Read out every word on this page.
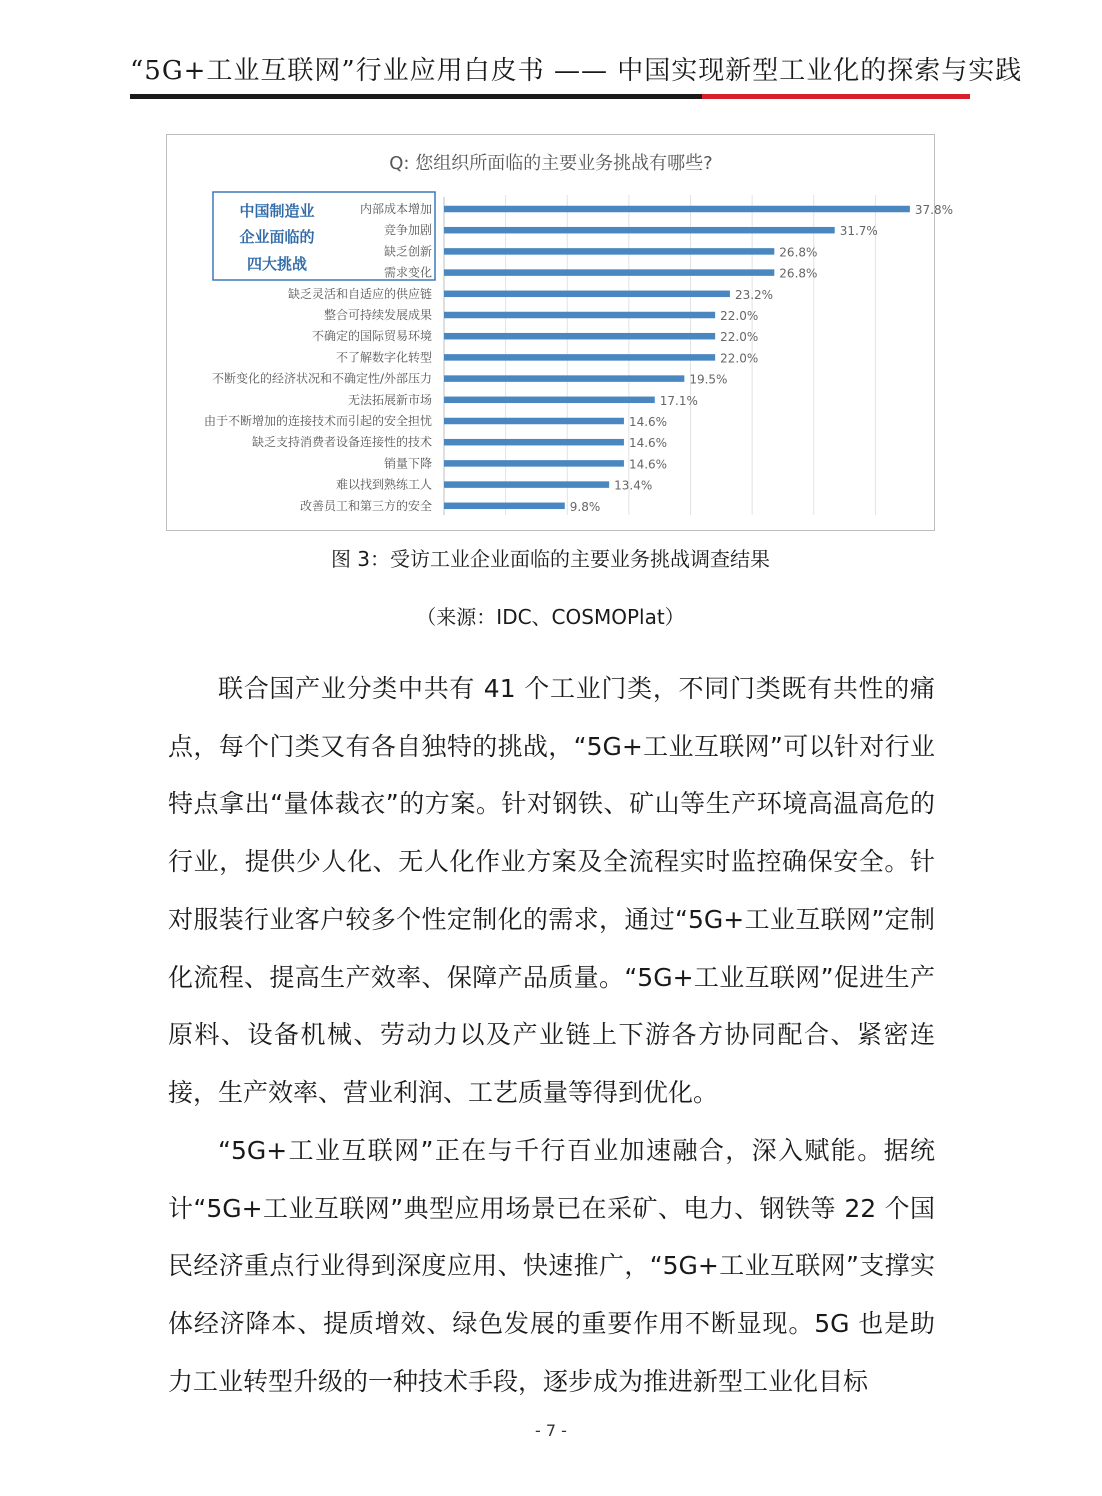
“5G+工业互联网”行业应用白皮书 —— 中国实现新型工业化的探索与实践
Q: 您组织所面临的主要业务挑战有哪些?
中国制造业
企业面临的
四大挑战
内部成本增加	37.8%
竞争加剧	31.7%
缺乏创新	26.8%
需求变化	26.8%
缺乏灵活和自适应的供应链	23.2%
整合可持续发展成果	22.0%
不确定的国际贸易环境	22.0%
不了解数字化转型	22.0%
不断变化的经济状况和不确定性/外部压力	19.5%
无法拓展新市场	17.1%
由于不断增加的连接技术而引起的安全担忧	14.6%
缺乏支持消费者设备连接性的技术	14.6%
销量下降	14.6%
难以找到熟练工人	13.4%
改善员工和第三方的安全	9.8%
图 3：受访工业企业面临的主要业务挑战调查结果
（来源：IDC、COSMOPlat）

联合国产业分类中共有 41 个工业门类，不同门类既有共性的痛点，每个门类又有各自独特的挑战，“5G+工业互联网”可以针对行业特点拿出“量体裁衣”的方案。针对钢铁、矿山等生产环境高温高危的行业，提供少人化、无人化作业方案及全流程实时监控确保安全。针对服装行业客户较多个性定制化的需求，通过“5G+工业互联网”定制化流程、提高生产效率、保障产品质量。“5G+工业互联网”促进生产原料、设备机械、劳动力以及产业链上下游各方协同配合、紧密连接，生产效率、营业利润、工艺质量等得到优化。

“5G+工业互联网”正在与千行百业加速融合，深入赋能。据统计“5G+工业互联网”典型应用场景已在采矿、电力、钢铁等 22 个国民经济重点行业得到深度应用、快速推广，“5G+工业互联网”支撑实体经济降本、提质增效、绿色发展的重要作用不断显现。5G 也是助力工业转型升级的一种技术手段，逐步成为推进新型工业化目标

- 7 -
